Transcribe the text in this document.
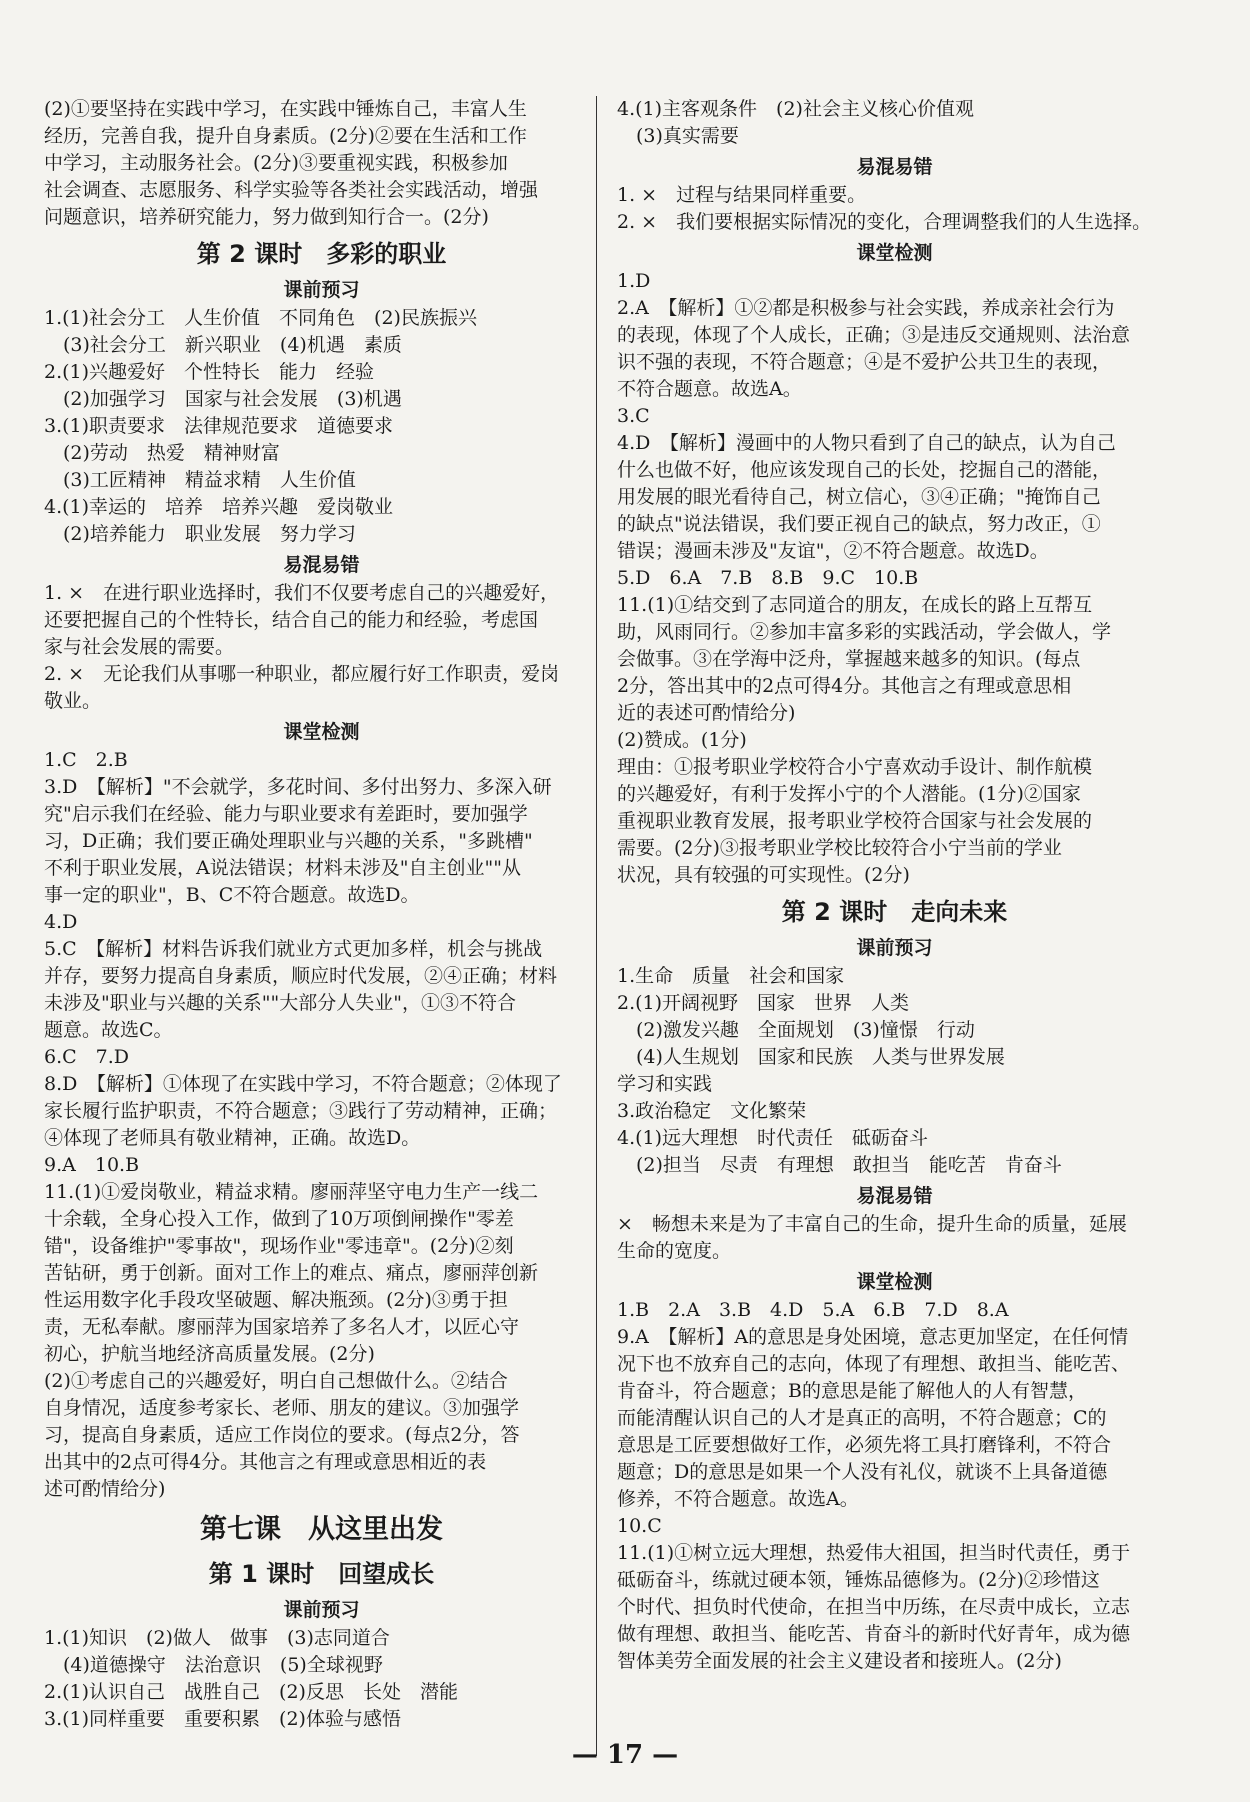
(2)①要坚持在实践中学习，在实践中锤炼自己，丰富人生

经历，完善自我，提升自身素质。(2分)②要在生活和工作

中学习，主动服务社会。(2分)③要重视实践，积极参加

社会调查、志愿服务、科学实验等各类社会实践活动，增强

问题意识，培养研究能力，努力做到知行合一。(2分)

第 2 课时　多彩的职业
课前预习

1.(1)社会分工　人生价值　不同角色　(2)民族振兴

　(3)社会分工　新兴职业　(4)机遇　素质

2.(1)兴趣爱好　个性特长　能力　经验

　(2)加强学习　国家与社会发展　(3)机遇

3.(1)职责要求　法律规范要求　道德要求

　(2)劳动　热爱　精神财富

　(3)工匠精神　精益求精　人生价值

4.(1)幸运的　培养　培养兴趣　爱岗敬业

　(2)培养能力　职业发展　努力学习

易混易错

1. ×　在进行职业选择时，我们不仅要考虑自己的兴趣爱好，

还要把握自己的个性特长，结合自己的能力和经验，考虑国

家与社会发展的需要。

2. ×　无论我们从事哪一种职业，都应履行好工作职责，爱岗

敬业。

课堂检测

1.C　2.B

3.D　【解析】"不会就学，多花时间、多付出努力、多深入研

究"启示我们在经验、能力与职业要求有差距时，要加强学

习，D正确；我们要正确处理职业与兴趣的关系，"多跳槽"

不利于职业发展，A说法错误；材料未涉及"自主创业""从

事一定的职业"，B、C不符合题意。故选D。

4.D

5.C　【解析】材料告诉我们就业方式更加多样，机会与挑战

并存，要努力提高自身素质，顺应时代发展，②④正确；材料

未涉及"职业与兴趣的关系""大部分人失业"，①③不符合

题意。故选C。

6.C　7.D

8.D　【解析】①体现了在实践中学习，不符合题意；②体现了

家长履行监护职责，不符合题意；③践行了劳动精神，正确；

④体现了老师具有敬业精神，正确。故选D。

9.A　10.B

11.(1)①爱岗敬业，精益求精。廖丽萍坚守电力生产一线二

十余载，全身心投入工作，做到了10万项倒闸操作"零差

错"，设备维护"零事故"，现场作业"零违章"。(2分)②刻

苦钻研，勇于创新。面对工作上的难点、痛点，廖丽萍创新

性运用数字化手段攻坚破题、解决瓶颈。(2分)③勇于担

责，无私奉献。廖丽萍为国家培养了多名人才，以匠心守

初心，护航当地经济高质量发展。(2分)

(2)①考虑自己的兴趣爱好，明白自己想做什么。②结合

自身情况，适度参考家长、老师、朋友的建议。③加强学

习，提高自身素质，适应工作岗位的要求。(每点2分，答

出其中的2点可得4分。其他言之有理或意思相近的表

述可酌情给分)

第七课　从这里出发
第 1 课时　回望成长
课前预习

1.(1)知识　(2)做人　做事　(3)志同道合

　(4)道德操守　法治意识　(5)全球视野

2.(1)认识自己　战胜自己　(2)反思　长处　潜能

3.(1)同样重要　重要积累　(2)体验与感悟

4.(1)主客观条件　(2)社会主义核心价值观

　(3)真实需要

易混易错

1. ×　过程与结果同样重要。

2. ×　我们要根据实际情况的变化，合理调整我们的人生选择。

课堂检测

1.D

2.A　【解析】①②都是积极参与社会实践，养成亲社会行为

的表现，体现了个人成长，正确；③是违反交通规则、法治意

识不强的表现，不符合题意；④是不爱护公共卫生的表现，

不符合题意。故选A。

3.C

4.D　【解析】漫画中的人物只看到了自己的缺点，认为自己

什么也做不好，他应该发现自己的长处，挖掘自己的潜能，

用发展的眼光看待自己，树立信心，③④正确；"掩饰自己

的缺点"说法错误，我们要正视自己的缺点，努力改正，①

错误；漫画未涉及"友谊"，②不符合题意。故选D。

5.D　6.A　7.B　8.B　9.C　10.B

11.(1)①结交到了志同道合的朋友，在成长的路上互帮互

助，风雨同行。②参加丰富多彩的实践活动，学会做人，学

会做事。③在学海中泛舟，掌握越来越多的知识。(每点

2分，答出其中的2点可得4分。其他言之有理或意思相

近的表述可酌情给分)

(2)赞成。(1分)

理由：①报考职业学校符合小宁喜欢动手设计、制作航模

的兴趣爱好，有利于发挥小宁的个人潜能。(1分)②国家

重视职业教育发展，报考职业学校符合国家与社会发展的

需要。(2分)③报考职业学校比较符合小宁当前的学业

状况，具有较强的可实现性。(2分)

第 2 课时　走向未来
课前预习

1.生命　质量　社会和国家

2.(1)开阔视野　国家　世界　人类

　(2)激发兴趣　全面规划　(3)憧憬　行动

　(4)人生规划　国家和民族　人类与世界发展

学习和实践

3.政治稳定　文化繁荣

4.(1)远大理想　时代责任　砥砺奋斗

　(2)担当　尽责　有理想　敢担当　能吃苦　肯奋斗

易混易错

×　畅想未来是为了丰富自己的生命，提升生命的质量，延展

生命的宽度。

课堂检测

1.B　2.A　3.B　4.D　5.A　6.B　7.D　8.A

9.A　【解析】A的意思是身处困境，意志更加坚定，在任何情

况下也不放弃自己的志向，体现了有理想、敢担当、能吃苦、

肯奋斗，符合题意；B的意思是能了解他人的人有智慧，

而能清醒认识自己的人才是真正的高明，不符合题意；C的

意思是工匠要想做好工作，必须先将工具打磨锋利，不符合

题意；D的意思是如果一个人没有礼仪，就谈不上具备道德

修养，不符合题意。故选A。

10.C

11.(1)①树立远大理想，热爱伟大祖国，担当时代责任，勇于

砥砺奋斗，练就过硬本领，锤炼品德修为。(2分)②珍惜这

个时代、担负时代使命，在担当中历练，在尽责中成长，立志

做有理想、敢担当、能吃苦、肯奋斗的新时代好青年，成为德

智体美劳全面发展的社会主义建设者和接班人。(2分)

— 17 —
